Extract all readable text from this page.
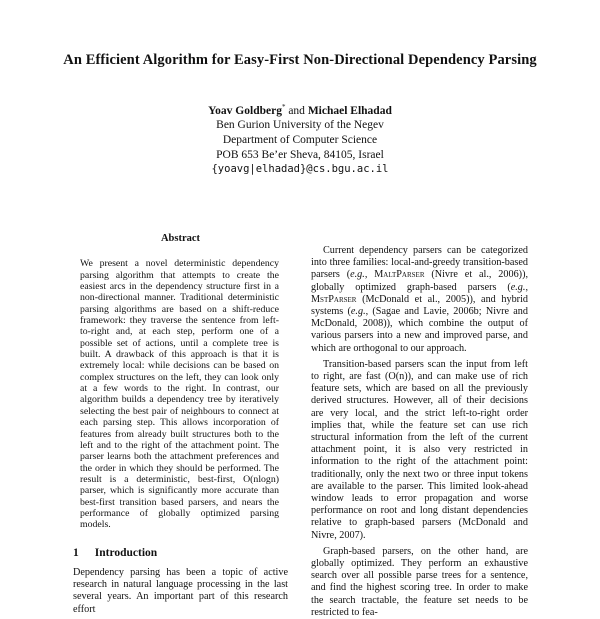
An Efficient Algorithm for Easy-First Non-Directional Dependency Parsing
Yoav Goldberg* and Michael Elhadad
Ben Gurion University of the Negev
Department of Computer Science
POB 653 Be’er Sheva, 84105, Israel
{yoavg|elhadad}@cs.bgu.ac.il
Abstract

We present a novel deterministic dependency parsing algorithm that attempts to create the easiest arcs in the dependency structure first in a non-directional manner. Traditional deterministic parsing algorithms are based on a shift-reduce framework: they traverse the sentence from left-to-right and, at each step, perform one of a possible set of actions, until a complete tree is built. A drawback of this approach is that it is extremely local: while decisions can be based on complex structures on the left, they can look only at a few words to the right. In contrast, our algorithm builds a dependency tree by iteratively selecting the best pair of neighbours to connect at each parsing step. This allows incorporation of features from already built structures both to the left and to the right of the attachment point. The parser learns both the attachment preferences and the order in which they should be performed. The result is a deterministic, best-first, O(nlogn) parser, which is significantly more accurate than best-first transition based parsers, and nears the performance of globally optimized parsing models.

1 Introduction

Dependency parsing has been a topic of active research in natural language processing in the last several years. An important part of this research effort

Current dependency parsers can be categorized into three families: local-and-greedy transition-based parsers (e.g., MaltParser (Nivre et al., 2006)), globally optimized graph-based parsers (e.g., MstParser (McDonald et al., 2005)), and hybrid systems (e.g., (Sagae and Lavie, 2006b; Nivre and McDonald, 2008)), which combine the output of various parsers into a new and improved parse, and which are orthogonal to our approach.

Transition-based parsers scan the input from left to right, are fast (O(n)), and can make use of rich feature sets, which are based on all the previously derived structures. However, all of their decisions are very local, and the strict left-to-right order implies that, while the feature set can use rich structural information from the left of the current attachment point, it is also very restricted in information to the right of the attachment point: traditionally, only the next two or three input tokens are available to the parser. This limited look-ahead window leads to error propagation and worse performance on root and long distant dependencies relative to graph-based parsers (McDonald and Nivre, 2007).

Graph-based parsers, on the other hand, are globally optimized. They perform an exhaustive search over all possible parse trees for a sentence, and find the highest scoring tree. In order to make the search tractable, the feature set needs to be restricted to fea-
